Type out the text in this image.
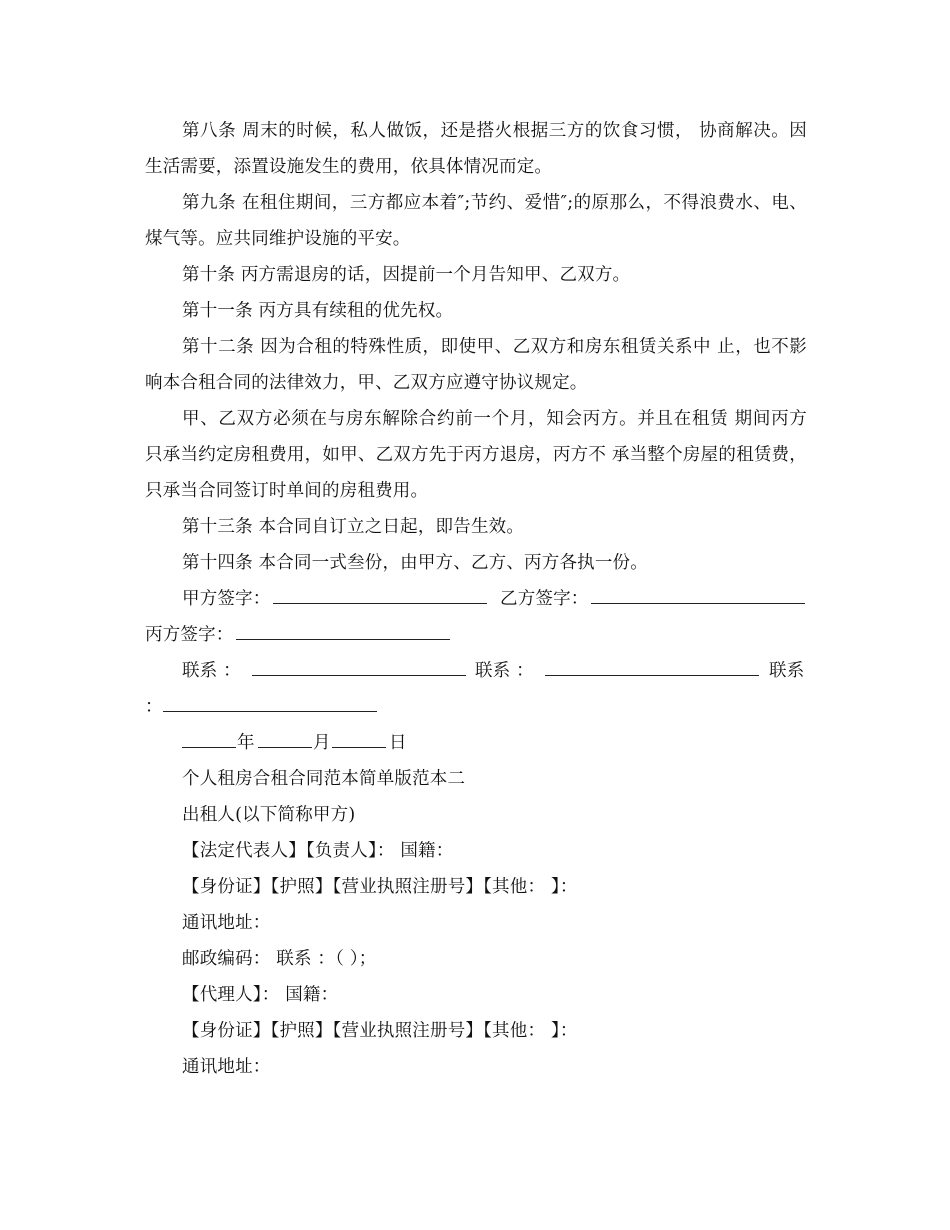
第八条 周末的时候，私人做饭，还是搭火根据三方的饮食习惯， 协商解决。因生活需要，添置设施发生的费用，依具体情况而定。

第九条 在租住期间，三方都应本着″;节约、爱惜″;的原那么，不得浪费水、电、煤气等。应共同维护设施的平安。

第十条 丙方需退房的话，因提前一个月告知甲、乙双方。

第十一条 丙方具有续租的优先权。

第十二条 因为合租的特殊性质，即使甲、乙双方和房东租赁关系中 止，也不影响本合租合同的法律效力，甲、乙双方应遵守协议规定。

甲、乙双方必须在与房东解除合约前一个月，知会丙方。并且在租赁 期间丙方只承当约定房租费用，如甲、乙双方先于丙方退房，丙方不 承当整个房屋的租赁费，只承当合同签订时单间的房租费用。

第十三条 本合同自订立之日起，即告生效。

第十四条 本合同一式叁份，由甲方、乙方、丙方各执一份。

甲方签字：	乙方签字：
丙方签字：
联系 ：	联系 ：	联系
：
年	月	日

个人租房合租合同范本简单版范本二

出租人(以下简称甲方)

【法定代表人】【负责人】： 国籍：

【身份证】【护照】【营业执照注册号】【其他： 】：

通讯地址：

邮政编码： 联系 ：（ ）；

【代理人】： 国籍：

【身份证】【护照】【营业执照注册号】【其他： 】：

通讯地址：
